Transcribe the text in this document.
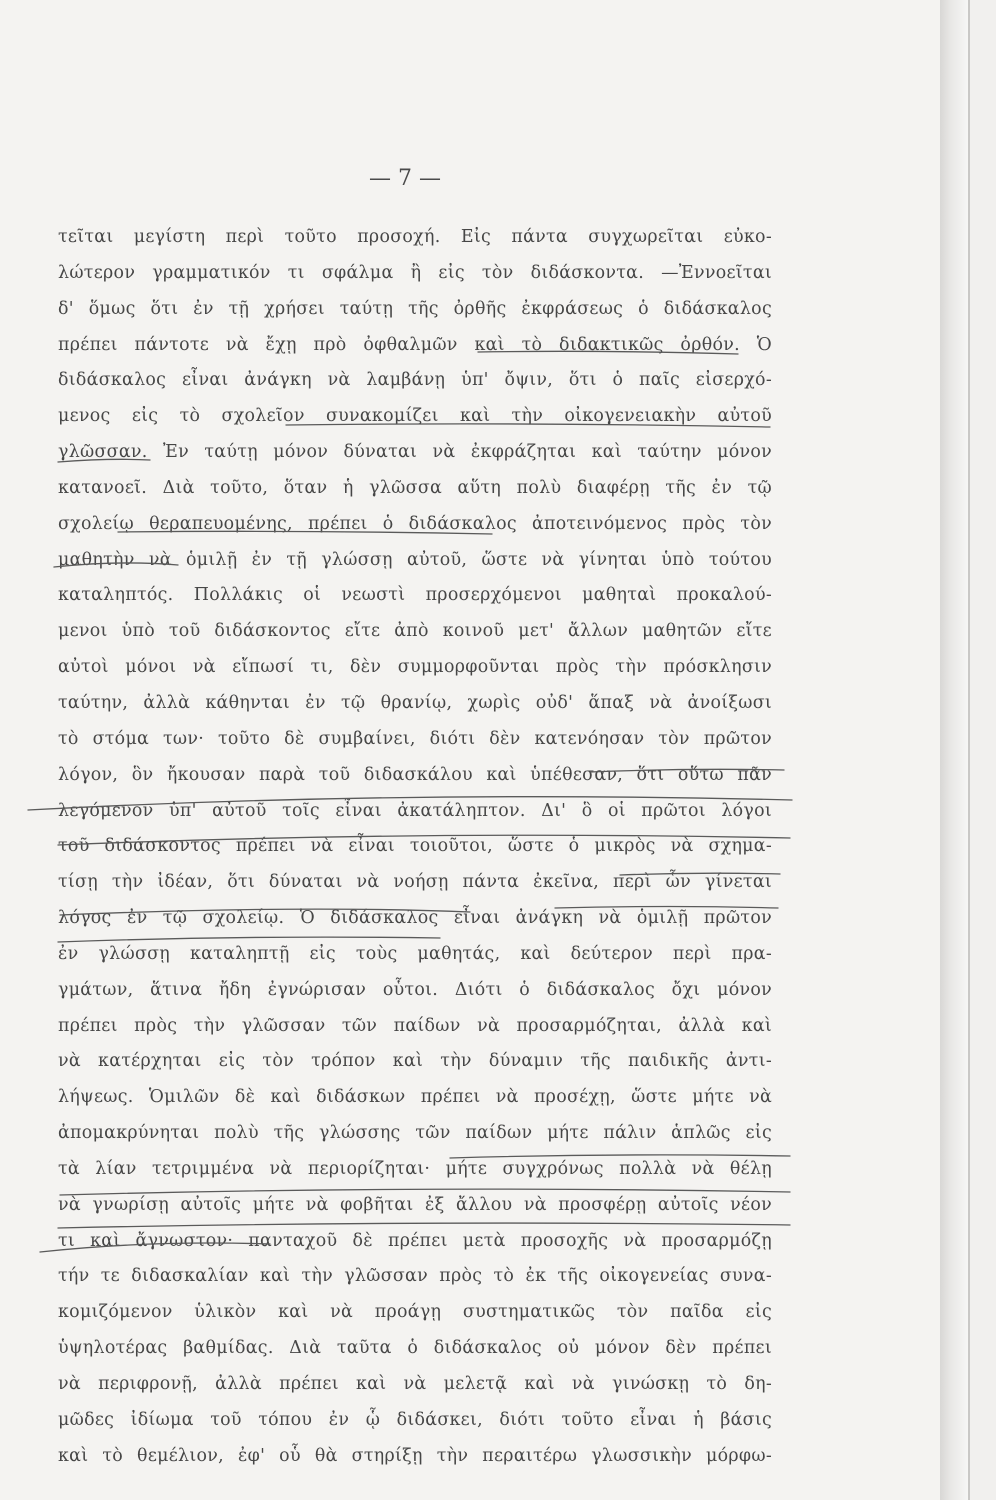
— 7 —
τεῖται μεγίστη περὶ τοῦτο προσοχή. Εἰς πάντα συγχωρεῖται εὐκο-
λώτερον γραμματικόν τι σφάλμα ἢ εἰς τὸν διδάσκοντα. —Ἐννοεῖται
δ' ὅμως ὅτι ἐν τῇ χρήσει ταύτῃ τῆς ὀρθῆς ἐκφράσεως ὁ διδάσκαλος
πρέπει πάντοτε νὰ ἔχῃ πρὸ ὀφθαλμῶν καὶ τὸ διδακτικῶς ὀρθόν. Ὁ
διδάσκαλος εἶναι ἀνάγκη νὰ λαμβάνῃ ὑπ' ὄψιν, ὅτι ὁ παῖς εἰσερχό-
μενος εἰς τὸ σχολεῖον συνακομίζει καὶ τὴν οἰκογενειακὴν αὐτοῦ
γλῶσσαν. Ἐν ταύτῃ μόνον δύναται νὰ ἐκφράζηται καὶ ταύτην μόνον
κατανοεῖ. Διὰ τοῦτο, ὅταν ἡ γλῶσσα αὕτη πολὺ διαφέρῃ τῆς ἐν τῷ
σχολείῳ θεραπευομένης, πρέπει ὁ διδάσκαλος ἀποτεινόμενος πρὸς τὸν
μαθητὴν νὰ ὁμιλῇ ἐν τῇ γλώσσῃ αὐτοῦ, ὥστε νὰ γίνηται ὑπὸ τούτου
καταληπτός. Πολλάκις οἱ νεωστὶ προσερχόμενοι μαθηταὶ προκαλού-
μενοι ὑπὸ τοῦ διδάσκοντος εἴτε ἀπὸ κοινοῦ μετ' ἄλλων μαθητῶν εἴτε
αὐτοὶ μόνοι νὰ εἴπωσί τι, δὲν συμμορφοῦνται πρὸς τὴν πρόσκλησιν
ταύτην, ἀλλὰ κάθηνται ἐν τῷ θρανίῳ, χωρὶς οὐδ' ἅπαξ νὰ ἀνοίξωσι
τὸ στόμα των· τοῦτο δὲ συμβαίνει, διότι δὲν κατενόησαν τὸν πρῶτον
λόγον, ὃν ἤκουσαν παρὰ τοῦ διδασκάλου καὶ ὑπέθεσαν, ὅτι οὕτω πᾶν
λεγόμενον ὑπ' αὐτοῦ τοῖς εἶναι ἀκατάληπτον. Δι' ὃ οἱ πρῶτοι λόγοι
τοῦ διδάσκοντος πρέπει νὰ εἶναι τοιοῦτοι, ὥστε ὁ μικρὸς νὰ σχημα-
τίσῃ τὴν ἰδέαν, ὅτι δύναται νὰ νοήσῃ πάντα ἐκεῖνα, περὶ ὧν γίνεται
λόγος ἐν τῷ σχολείῳ. Ὁ διδάσκαλος εἶναι ἀνάγκη νὰ ὁμιλῇ πρῶτον
ἐν γλώσσῃ καταληπτῇ εἰς τοὺς μαθητάς, καὶ δεύτερον περὶ πρα-
γμάτων, ἅτινα ἤδη ἐγνώρισαν οὗτοι. Διότι ὁ διδάσκαλος ὄχι μόνον
πρέπει πρὸς τὴν γλῶσσαν τῶν παίδων νὰ προσαρμόζηται, ἀλλὰ καὶ
νὰ κατέρχηται εἰς τὸν τρόπον καὶ τὴν δύναμιν τῆς παιδικῆς ἀντι-
λήψεως. Ὁμιλῶν δὲ καὶ διδάσκων πρέπει νὰ προσέχῃ, ὥστε μήτε νὰ
ἀπομακρύνηται πολὺ τῆς γλώσσης τῶν παίδων μήτε πάλιν ἁπλῶς εἰς
τὰ λίαν τετριμμένα νὰ περιορίζηται· μήτε συγχρόνως πολλὰ νὰ θέλῃ
νὰ γνωρίσῃ αὐτοῖς μήτε νὰ φοβῆται ἐξ ἄλλου νὰ προσφέρῃ αὐτοῖς νέον
τι καὶ ἄγνωστον· πανταχοῦ δὲ πρέπει μετὰ προσοχῆς νὰ προσαρμόζῃ
τήν τε διδασκαλίαν καὶ τὴν γλῶσσαν πρὸς τὸ ἐκ τῆς οἰκογενείας συνα-
κομιζόμενον ὑλικὸν καὶ νὰ προάγῃ συστηματικῶς τὸν παῖδα εἰς
ὑψηλοτέρας βαθμίδας. Διὰ ταῦτα ὁ διδάσκαλος οὐ μόνον δὲν πρέπει
νὰ περιφρονῇ, ἀλλὰ πρέπει καὶ νὰ μελετᾷ καὶ νὰ γινώσκῃ τὸ δη-
μῶδες ἰδίωμα τοῦ τόπου ἐν ᾧ διδάσκει, διότι τοῦτο εἶναι ἡ βάσις
καὶ τὸ θεμέλιον, ἐφ' οὗ θὰ στηρίξῃ τὴν περαιτέρω γλωσσικὴν μόρφω-
